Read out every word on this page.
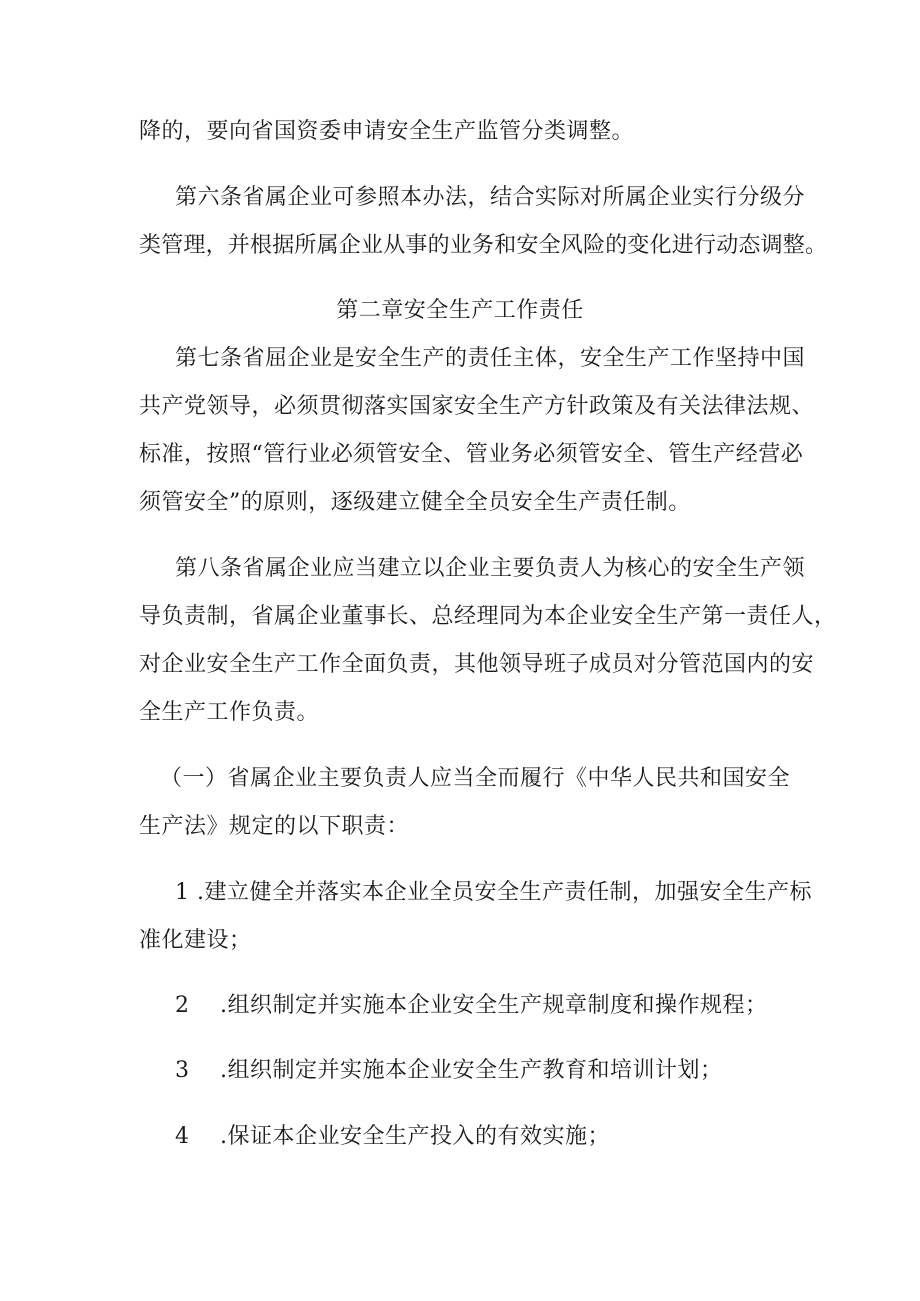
降的，要向省国资委申请安全生产监管分类调整。
第六条省属企业可参照本办法，结合实际对所属企业实行分级分
类管理，并根据所属企业从事的业务和安全风险的变化进行动态调整。
第二章安全生产工作责任
第七条省屈企业是安全生产的责任主体，安全生产工作坚持中国
共产党领导，必须贯彻落实国家安全生产方针政策及有关法律法规、
标准，按照“管行业必须管安全、管业务必须管安全、管生产经营必
须管安全”的原则，逐级建立健全全员安全生产责任制。
第八条省属企业应当建立以企业主要负责人为核心的安全生产领
导负责制，省属企业董事长、总经理同为本企业安全生产第一责任人，
对企业安全生产工作全面负责，其他领导班子成员对分管范国内的安
全生产工作负责。
（一）省属企业主要负责人应当全而履行《中华人民共和国安全
生产法》规定的以下职责：
1 .建立健全并落实本企业全员安全生产责任制，加强安全生产标
准化建设；
2 .组织制定并实施本企业安全生产规章制度和操作规程；
3 .组织制定并实施本企业安全生产教育和培训计划；
4 .保证本企业安全生产投入的有效实施；
